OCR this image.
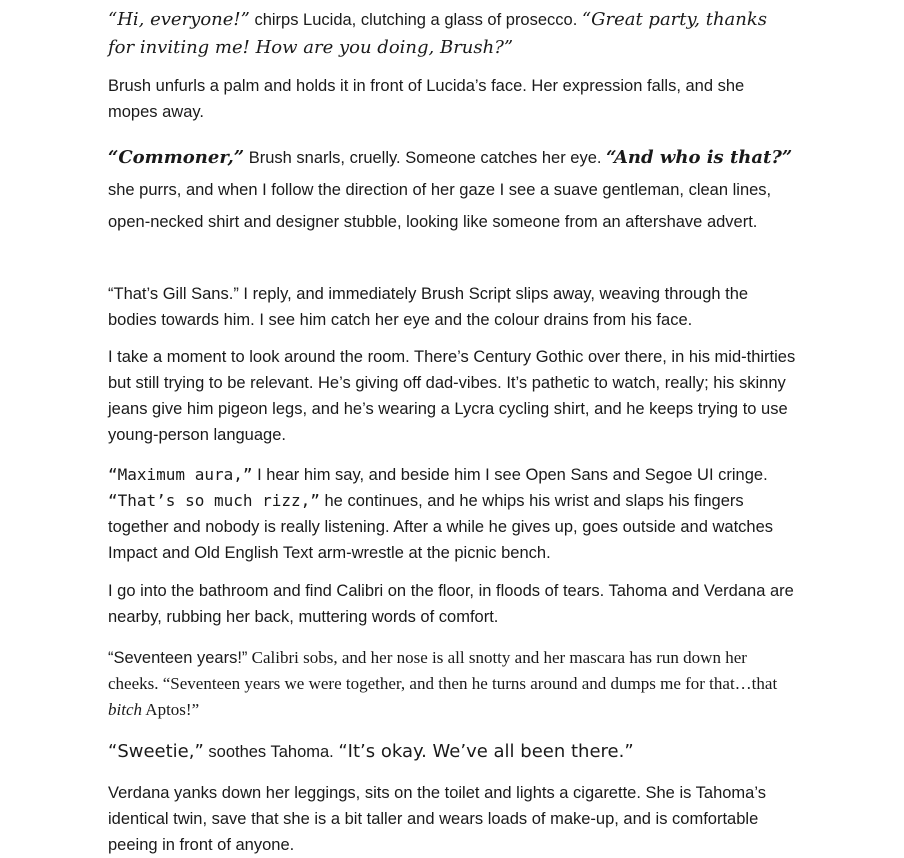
“Hi, everyone!” chirps Lucida, clutching a glass of prosecco. “Great party, thanks for inviting me! How are you doing, Brush?”

Brush unfurls a palm and holds it in front of Lucida’s face. Her expression falls, and she mopes away.

“Commoner,” Brush snarls, cruelly. Someone catches her eye. “And who is that?” she purrs, and when I follow the direction of her gaze I see a suave gentleman, clean lines, open-necked shirt and designer stubble, looking like someone from an aftershave advert.

“That’s Gill Sans.” I reply, and immediately Brush Script slips away, weaving through the bodies towards him. I see him catch her eye and the colour drains from his face.

I take a moment to look around the room. There’s Century Gothic over there, in his mid-thirties but still trying to be relevant. He’s giving off dad-vibes. It’s pathetic to watch, really; his skinny jeans give him pigeon legs, and he’s wearing a Lycra cycling shirt, and he keeps trying to use young-person language.

“Maximum aura,” I hear him say, and beside him I see Open Sans and Segoe UI cringe. “That’s so much rizz,” he continues, and he whips his wrist and slaps his fingers together and nobody is really listening. After a while he gives up, goes outside and watches Impact and Old English Text arm-wrestle at the picnic bench.

I go into the bathroom and find Calibri on the floor, in floods of tears. Tahoma and Verdana are nearby, rubbing her back, muttering words of comfort.

“Seventeen years!” Calibri sobs, and her nose is all snotty and her mascara has run down her cheeks. “Seventeen years we were together, and then he turns around and dumps me for that…that bitch Aptos!”

“Sweetie,” soothes Tahoma. “It’s okay. We’ve all been there.”

Verdana yanks down her leggings, sits on the toilet and lights a cigarette. She is Tahoma’s identical twin, save that she is a bit taller and wears loads of make-up, and is comfortable peeing in front of anyone.
